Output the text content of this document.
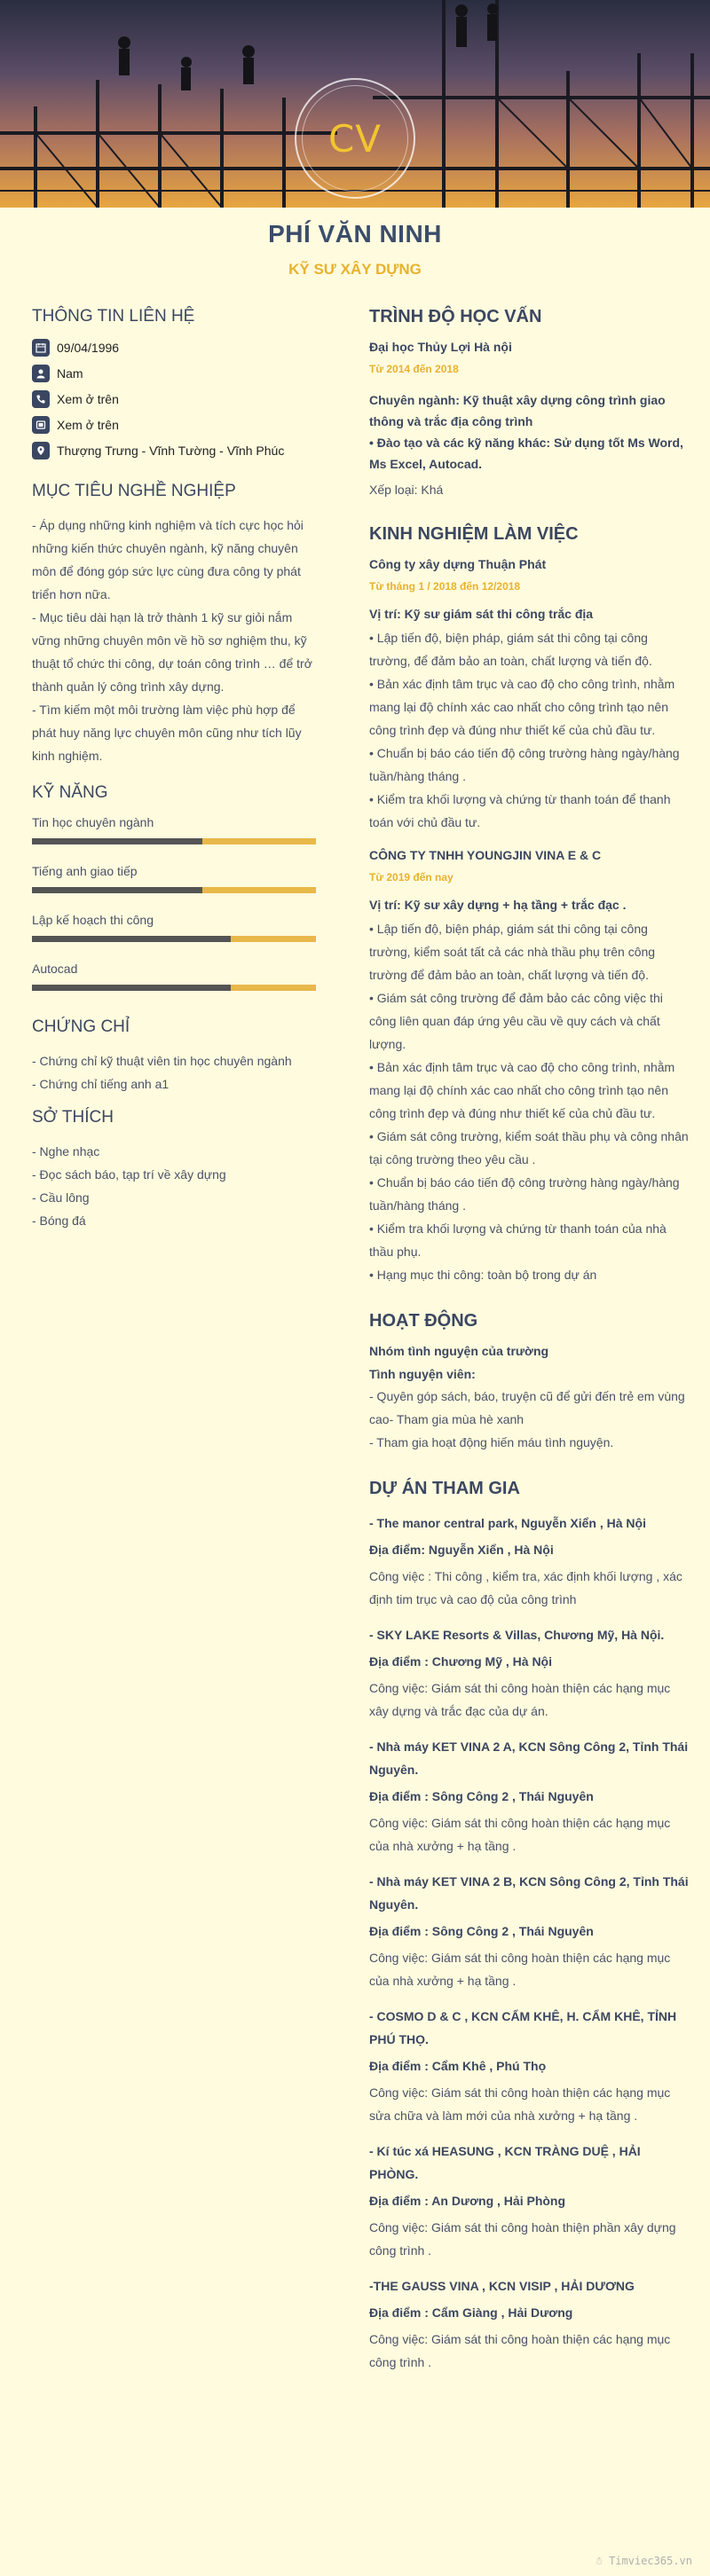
CV
PHÍ VĂN NINH
KỸ SƯ XÂY DỰNG
THÔNG TIN LIÊN HỆ
09/04/1996
Nam
Xem ở trên
Xem ở trên
Thượng Trưng - Vĩnh Tường - Vĩnh Phúc
MỤC TIÊU NGHỀ NGHIỆP
- Áp dụng những kinh nghiệm và tích cực học hỏi
những kiến thức chuyên ngành, kỹ năng chuyên môn để đóng góp sức lực cùng đưa công ty phát triển hơn nữa.
- Mục tiêu dài hạn là trở thành 1 kỹ sư giỏi nắm vững những chuyên môn về hồ sơ nghiệm thu, kỹ thuật tổ chức thi công, dự toán công trình … để trở thành quản lý công trình xây dựng.
- Tìm kiếm một môi trường làm việc phù hợp để phát huy năng lực chuyên môn cũng như tích lũy kinh nghiệm.
KỸ NĂNG
Tin học chuyên ngành
Tiếng anh giao tiếp
Lập kế hoạch thi công
Autocad
CHỨNG CHỈ
- Chứng chỉ kỹ thuật viên tin học chuyên ngành
- Chứng chỉ tiếng anh a1
SỞ THÍCH
- Nghe nhạc
- Đọc sách báo, tạp trí về xây dựng
- Cầu lông
- Bóng đá
TRÌNH ĐỘ HỌC VẤN
Đại học Thủy Lợi Hà nội
Từ 2014 đến 2018
Chuyên ngành: Kỹ thuật xây dựng công trình giao thông và trắc địa công trình
• Đào tạo và các kỹ năng khác: Sử dụng tốt Ms Word,
Ms Excel, Autocad.
Xếp loại: Khá
KINH NGHIỆM LÀM VIỆC
Công ty xây dựng Thuận Phát
Từ tháng 1 / 2018 đến 12/2018
Vị trí: Kỹ sư giám sát thi công trắc địa
• Lập tiến độ, biện pháp, giám sát thi công tại công trường, để đảm bảo an toàn, chất lượng và tiến độ.
• Bản xác định tâm trục và cao độ cho công trình, nhằm mang lại độ chính xác cao nhất cho công trình tạo nên công trình đẹp và đúng như thiết kế của chủ đầu tư.
• Chuẩn bị báo cáo tiến độ công trường hàng ngày/hàng tuần/hàng tháng .
• Kiểm tra khối lượng và chứng từ thanh toán để thanh toán với chủ đầu tư.
CÔNG TY TNHH YOUNGJIN VINA E & C
Từ 2019 đến nay
Vị trí: Kỹ sư xây dựng + hạ tầng + trắc đạc .
• Lập tiến độ, biện pháp, giám sát thi công tại công trường, kiểm soát tất cả các nhà thầu phụ trên công trường để đảm bảo an toàn, chất lượng và tiến độ.
• Giám sát công trường để đảm bảo các công việc thi công liên quan đáp ứng yêu cầu về quy cách và chất lượng.
• Bản xác định tâm trục và cao độ cho công trình, nhằm mang lại độ chính xác cao nhất cho công trình tạo nên công trình đẹp và đúng như thiết kế của chủ đầu tư.
• Giám sát công trường, kiểm soát thầu phụ và công nhân tại công trường theo yêu cầu .
• Chuẩn bị báo cáo tiến độ công trường hàng ngày/hàng tuần/hàng tháng .
• Kiểm tra khối lượng và chứng từ thanh toán của nhà thầu phụ.
• Hạng mục thi công: toàn bộ trong dự án
HOẠT ĐỘNG
Nhóm tình nguyện của trường
Tình nguyện viên:
- Quyên góp sách, báo, truyện cũ để gửi đến trẻ em vùng cao- Tham gia mùa hè xanh
- Tham gia hoạt động hiến máu tình nguyện.
DỰ ÁN THAM GIA
- The manor central park, Nguyễn Xiển , Hà Nội
Địa điểm: Nguyễn Xiển , Hà Nội
Công việc : Thi công , kiểm tra, xác định khối lượng , xác định tim trục và cao độ của công trình
- SKY LAKE Resorts & Villas, Chương Mỹ, Hà Nội.
Địa điểm : Chương Mỹ , Hà Nội
Công việc: Giám sát thi công hoàn thiện các hạng mục xây dựng và trắc đạc của dự án.
- Nhà máy KET VINA 2 A, KCN Sông Công 2, Tỉnh Thái Nguyên.
Địa điểm : Sông Công 2 , Thái Nguyên
Công việc: Giám sát thi công hoàn thiện các hạng mục của nhà xưởng + hạ tầng .
- Nhà máy KET VINA 2 B, KCN Sông Công 2, Tỉnh Thái Nguyên.
Địa điểm : Sông Công 2 , Thái Nguyên
Công việc: Giám sát thi công hoàn thiện các hạng mục của nhà xưởng + hạ tầng .
- COSMO D & C , KCN CẨM KHÊ, H. CẨM KHÊ, TỈNH PHÚ THỌ.
Địa điểm : Cẩm Khê , Phú Thọ
Công việc: Giám sát thi công hoàn thiện các hạng mục sửa chữa và làm mới của nhà xưởng + hạ tầng .
- Kí túc xá HEASUNG , KCN TRÀNG DUỆ , HẢI PHÒNG.
Địa điểm : An Dương , Hải Phòng
Công việc: Giám sát thi công hoàn thiện phần xây dựng công trình .
-THE GAUSS VINA , KCN VISIP , HẢI DƯƠNG
Địa điểm : Cẩm Giàng , Hải Dương
Công việc: Giám sát thi công hoàn thiện các hạng mục công trình .
☃ Timviec365.vn
